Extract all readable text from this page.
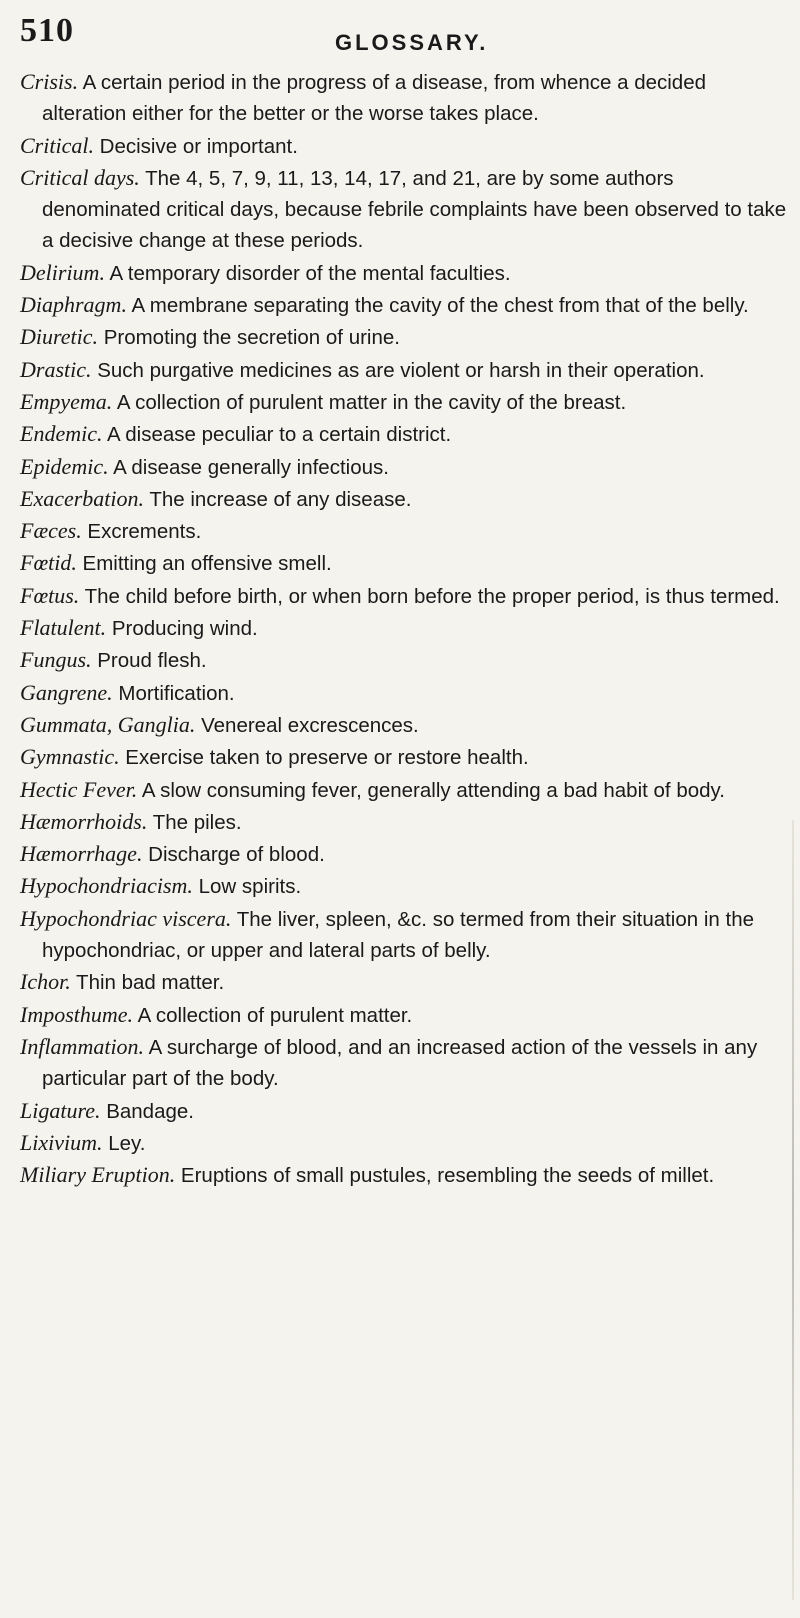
510	GLOSSARY.

Crisis. A certain period in the progress of a disease, from whence a decided alteration either for the better or the worse takes place.

Critical. Decisive or important.

Critical days. The 4, 5, 7, 9, 11, 13, 14, 17, and 21, are by some authors denominated critical days, because febrile complaints have been observed to take a decisive change at these periods.

Delirium. A temporary disorder of the mental faculties.

Diaphragm. A membrane separating the cavity of the chest from that of the belly.

Diuretic. Promoting the secretion of urine.

Drastic. Such purgative medicines as are violent or harsh in their operation.

Empyema. A collection of purulent matter in the cavity of the breast.

Endemic. A disease peculiar to a certain district.

Epidemic. A disease generally infectious.

Exacerbation. The increase of any disease.

Fæces. Excrements.

Fœtid. Emitting an offensive smell.

Fœtus. The child before birth, or when born before the proper period, is thus termed.

Flatulent. Producing wind.

Fungus. Proud flesh.

Gangrene. Mortification.

Gummata, Ganglia. Venereal excrescences.

Gymnastic. Exercise taken to preserve or restore health.

Hectic Fever. A slow consuming fever, generally attending a bad habit of body.

Hæmorrhoids. The piles.

Hæmorrhage. Discharge of blood.

Hypochondriacism. Low spirits.

Hypochondriac viscera. The liver, spleen, &c. so termed from their situation in the hypochondriac, or upper and lateral parts of belly.

Ichor. Thin bad matter.

Imposthume. A collection of purulent matter.

Inflammation. A surcharge of blood, and an increased action of the vessels in any particular part of the body.

Ligature. Bandage.

Lixivium. Ley.

Miliary Eruption. Eruptions of small pustules, resembling the seeds of millet.
